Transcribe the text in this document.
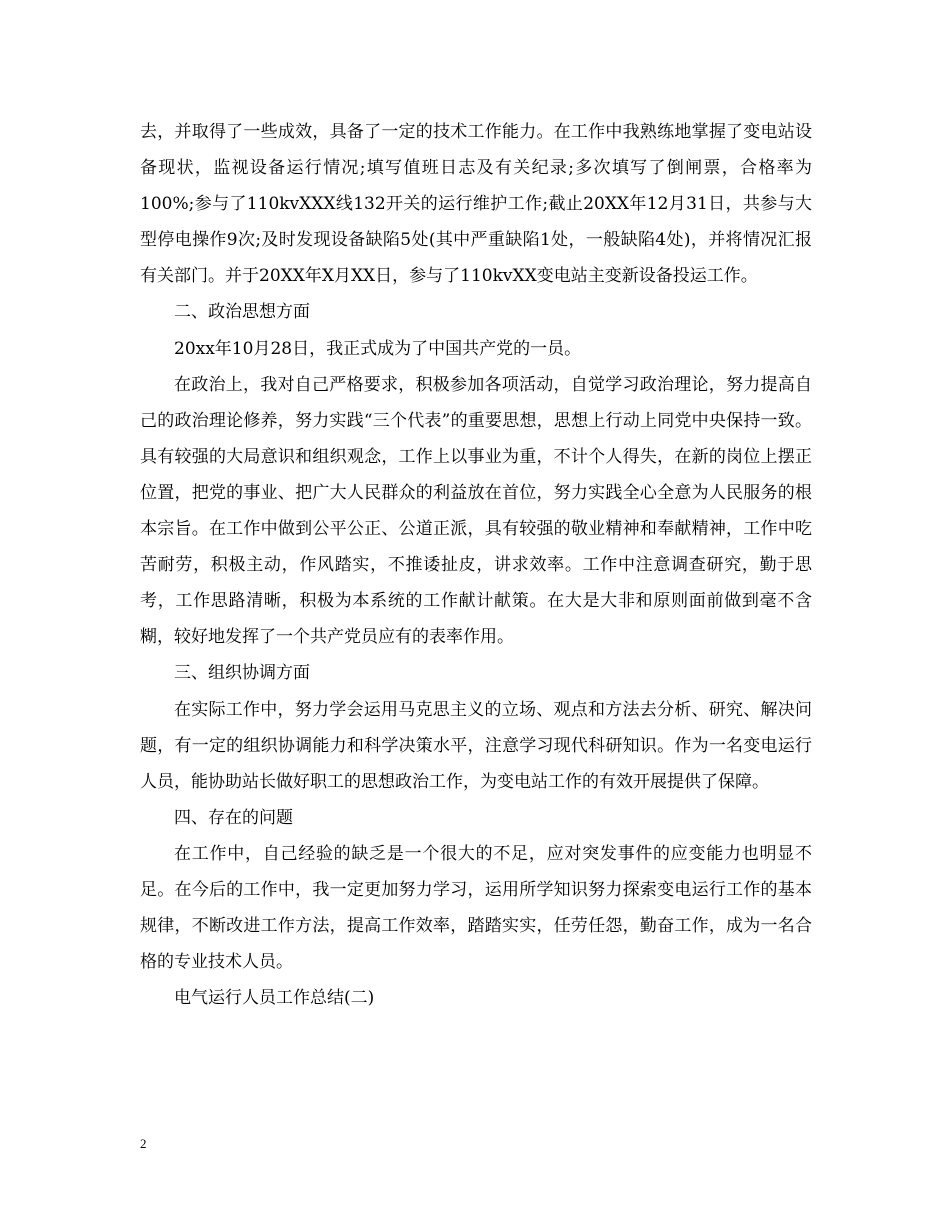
去，并取得了一些成效，具备了一定的技术工作能力。在工作中我熟练地掌握了变电站设备现状，监视设备运行情况;填写值班日志及有关纪录;多次填写了倒闸票，合格率为100%;参与了110kvXXX线132开关的运行维护工作;截止20XX年12月31日，共参与大型停电操作9次;及时发现设备缺陷5处(其中严重缺陷1处，一般缺陷4处)，并将情况汇报有关部门。并于20XX年X月XX日，参与了110kvXX变电站主变新设备投运工作。

二、政治思想方面

20xx年10月28日，我正式成为了中国共产党的一员。

在政治上，我对自己严格要求，积极参加各项活动，自觉学习政治理论，努力提高自己的政治理论修养，努力实践“三个代表”的重要思想，思想上行动上同党中央保持一致。具有较强的大局意识和组织观念，工作上以事业为重，不计个人得失，在新的岗位上摆正位置，把党的事业、把广大人民群众的利益放在首位，努力实践全心全意为人民服务的根本宗旨。在工作中做到公平公正、公道正派，具有较强的敬业精神和奉献精神，工作中吃苦耐劳，积极主动，作风踏实，不推诿扯皮，讲求效率。工作中注意调查研究，勤于思考，工作思路清晰，积极为本系统的工作献计献策。在大是大非和原则面前做到毫不含糊，较好地发挥了一个共产党员应有的表率作用。

三、组织协调方面

在实际工作中，努力学会运用马克思主义的立场、观点和方法去分析、研究、解决问题，有一定的组织协调能力和科学决策水平，注意学习现代科研知识。作为一名变电运行人员，能协助站长做好职工的思想政治工作，为变电站工作的有效开展提供了保障。

四、存在的问题

在工作中，自己经验的缺乏是一个很大的不足，应对突发事件的应变能力也明显不足。在今后的工作中，我一定更加努力学习，运用所学知识努力探索变电运行工作的基本规律，不断改进工作方法，提高工作效率，踏踏实实，任劳任怨，勤奋工作，成为一名合格的专业技术人员。

电气运行人员工作总结(二)

2
